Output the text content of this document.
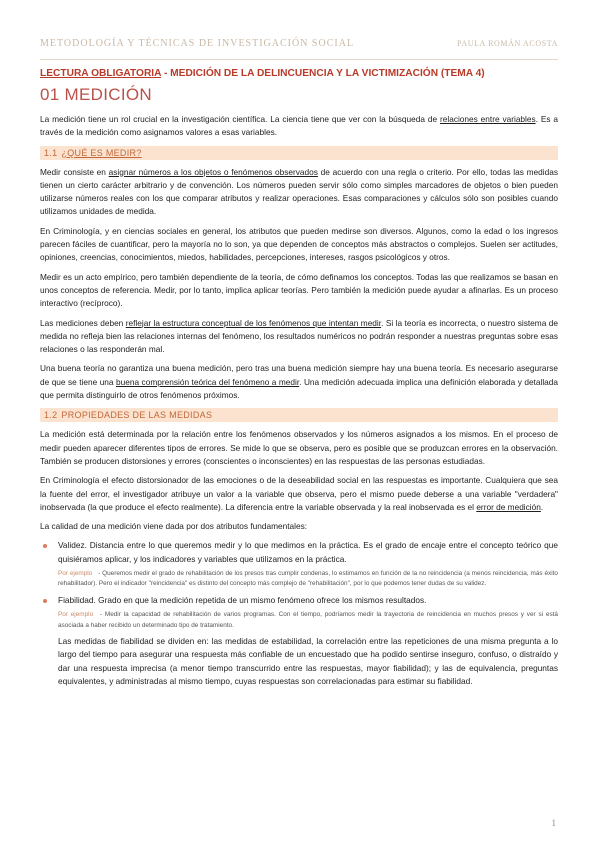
METODOLOGÍA Y TÉCNICAS DE INVESTIGACIÓN SOCIAL	PAULA ROMÁN ACOSTA
LECTURA OBLIGATORIA - MEDICIÓN DE LA DELINCUENCIA Y LA VICTIMIZACIÓN (TEMA 4)
01 MEDICIÓN

La medición tiene un rol crucial en la investigación científica. La ciencia tiene que ver con la búsqueda de relaciones entre variables. Es a través de la medición como asignamos valores a esas variables.

1.1 ¿QUÉ ES MEDIR?

Medir consiste en asignar números a los objetos o fenómenos observados de acuerdo con una regla o criterio. Por ello, todas las medidas tienen un cierto carácter arbitrario y de convención. Los números pueden servir sólo como simples marcadores de objetos o bien pueden utilizarse números reales con los que comparar atributos y realizar operaciones. Esas comparaciones y cálculos sólo son posibles cuando utilizamos unidades de medida.

En Criminología, y en ciencias sociales en general, los atributos que pueden medirse son diversos. Algunos, como la edad o los ingresos parecen fáciles de cuantificar, pero la mayoría no lo son, ya que dependen de conceptos más abstractos o complejos. Suelen ser actitudes, opiniones, creencias, conocimientos, miedos, habilidades, percepciones, intereses, rasgos psicológicos y otros.

Medir es un acto empírico, pero también dependiente de la teoría, de cómo definamos los conceptos. Todas las que realizamos se basan en unos conceptos de referencia. Medir, por lo tanto, implica aplicar teorías. Pero también la medición puede ayudar a afinarlas. Es un proceso interactivo (recíproco).

Las mediciones deben reflejar la estructura conceptual de los fenómenos que intentan medir. Si la teoría es incorrecta, o nuestro sistema de medida no refleja bien las relaciones internas del fenómeno, los resultados numéricos no podrán responder a nuestras preguntas sobre esas relaciones o las responderán mal.

Una buena teoría no garantiza una buena medición, pero tras una buena medición siempre hay una buena teoría. Es necesario asegurarse de que se tiene una buena comprensión teórica del fenómeno a medir. Una medición adecuada implica una definición elaborada y detallada que permita distinguirlo de otros fenómenos próximos.

1.2 PROPIEDADES DE LAS MEDIDAS

La medición está determinada por la relación entre los fenómenos observados y los números asignados a los mismos. En el proceso de medir pueden aparecer diferentes tipos de errores. Se mide lo que se observa, pero es posible que se produzcan errores en la observación. También se producen distorsiones y errores (conscientes o inconscientes) en las respuestas de las personas estudiadas.

En Criminología el efecto distorsionador de las emociones o de la deseabilidad social en las respuestas es importante. Cualquiera que sea la fuente del error, el investigador atribuye un valor a la variable que observa, pero el mismo puede deberse a una variable "verdadera" inobservada (la que produce el efecto realmente). La diferencia entre la variable observada y la real inobservada es el error de medición.

La calidad de una medición viene dada por dos atributos fundamentales:

Validez. Distancia entre lo que queremos medir y lo que medimos en la práctica. Es el grado de encaje entre el concepto teórico que quisiéramos aplicar, y los indicadores y variables que utilizamos en la práctica.
Por ejemplo - Queremos medir el grado de rehabilitación de los presos tras cumplir condenas, lo estimamos en función de la no reincidencia (a menos reincidencia, más éxito rehabilitador). Pero el indicador "reincidencia" es distinto del concepto más complejo de "rehabilitación", por lo que podemos tener dudas de su validez.
Fiabilidad. Grado en que la medición repetida de un mismo fenómeno ofrece los mismos resultados.
Por ejemplo - Medir la capacidad de rehabilitación de varios programas. Con el tiempo, podríamos medir la trayectoria de reincidencia en muchos presos y ver si está asociada a haber recibido un determinado tipo de tratamiento.
Las medidas de fiabilidad se dividen en: las medidas de estabilidad, la correlación entre las repeticiones de una misma pregunta a lo largo del tiempo para asegurar una respuesta más confiable de un encuestado que ha podido sentirse inseguro, confuso, o distraído y dar una respuesta imprecisa (a menor tiempo transcurrido entre las respuestas, mayor fiabilidad); y las de equivalencia, preguntas equivalentes, y administradas al mismo tiempo, cuyas respuestas son correlacionadas para estimar su fiabilidad.
1
